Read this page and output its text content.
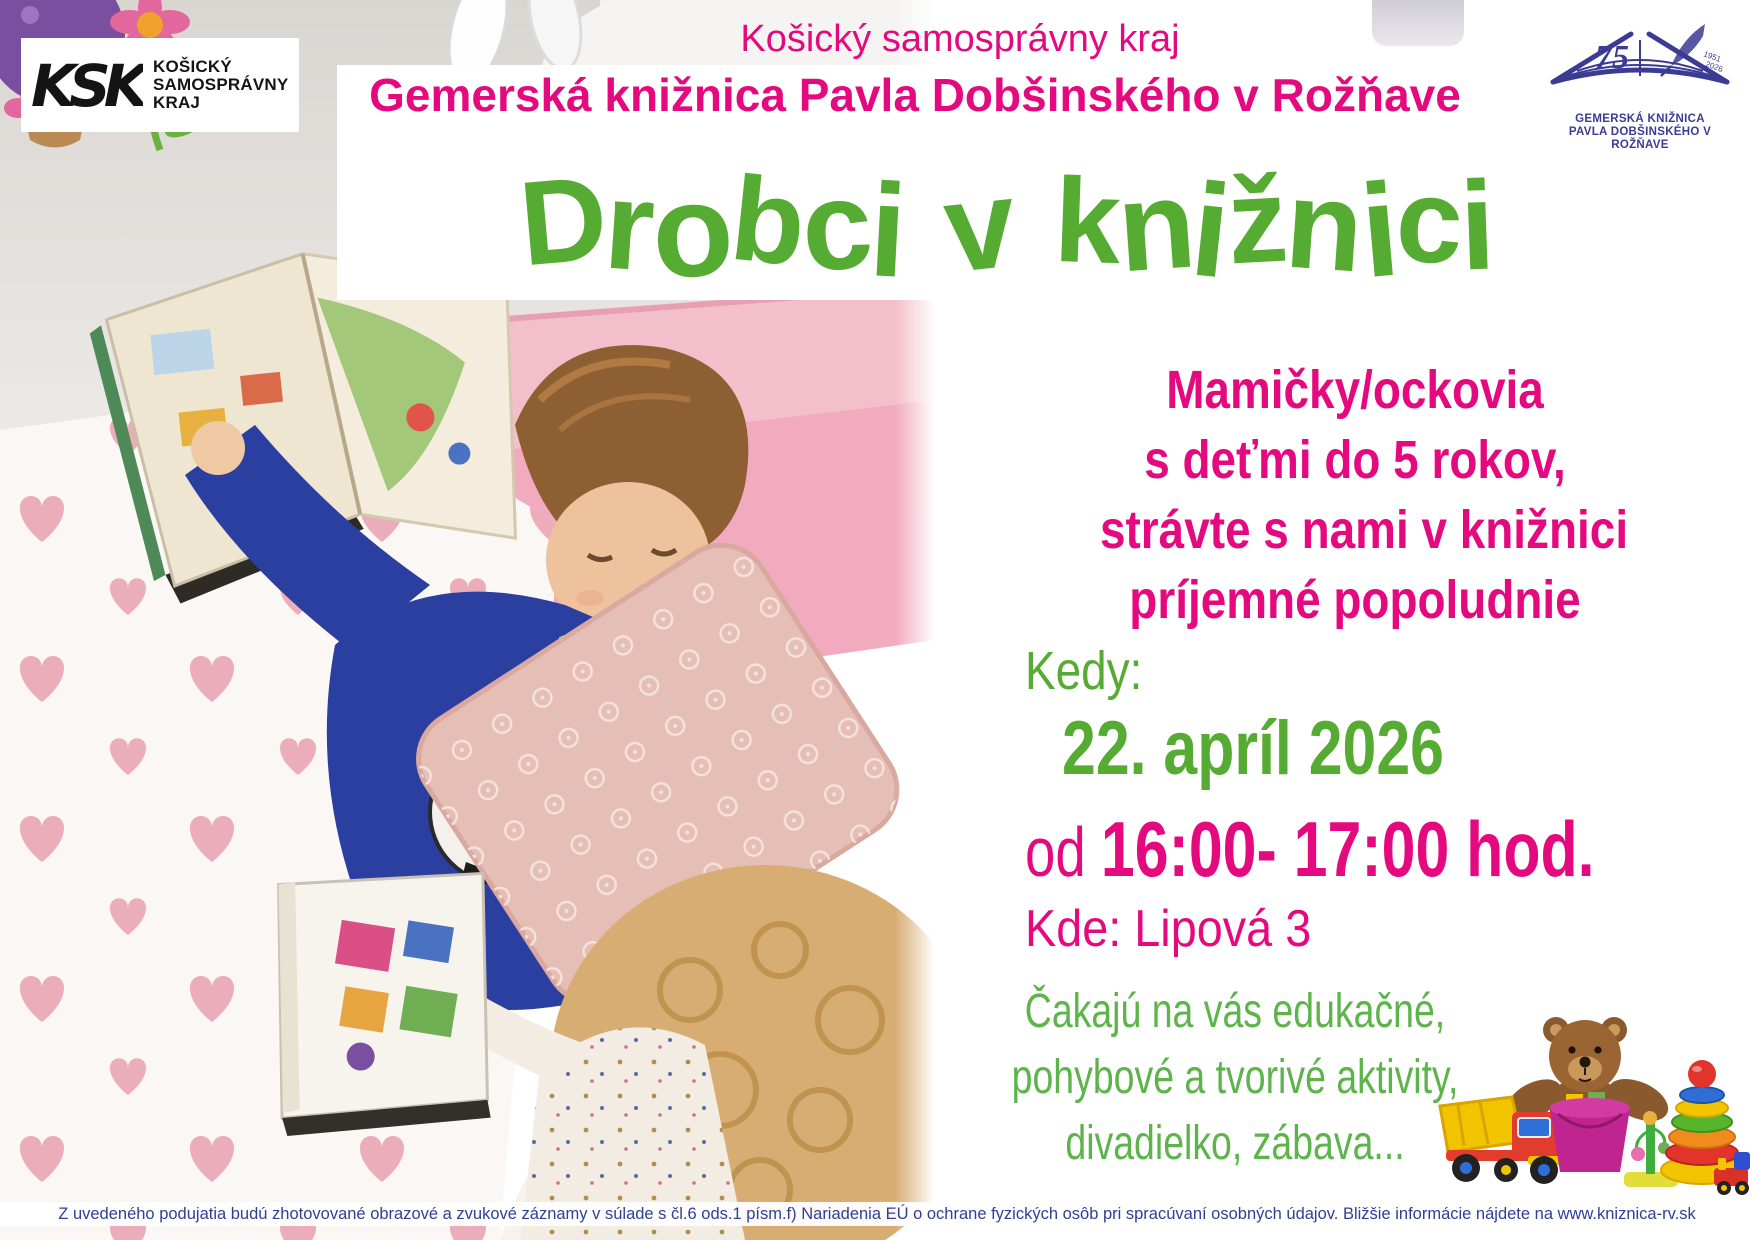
KSK KOŠICKÝ
SAMOSPRÁVNY
KRAJ
Košický samosprávny kraj
Gemerská knižnica Pavla Dobšinského v Rožňave
Drobci v knižnici
75	1951
2026
GEMERSKÁ KNIŽNICA
PAVLA DOBŠINSKÉHO V ROŽŇAVE
Mamičky/ockovia
s deťmi do 5 rokov,
strávte s nami v knižnici
príjemné popoludnie
Kedy:
22. apríl 2026
od 16:00- 17:00 hod.
Kde: Lipová 3
Čakajú na vás edukačné,
pohybové a tvorivé aktivity,
divadielko, zábava...
Z uvedeného podujatia budú zhotovované obrazové a zvukové záznamy v súlade s čl.6 ods.1 písm.f) Nariadenia EÚ o ochrane fyzických osôb pri spracúvaní osobných údajov. Bližšie informácie nájdete na www.kniznica-rv.sk
